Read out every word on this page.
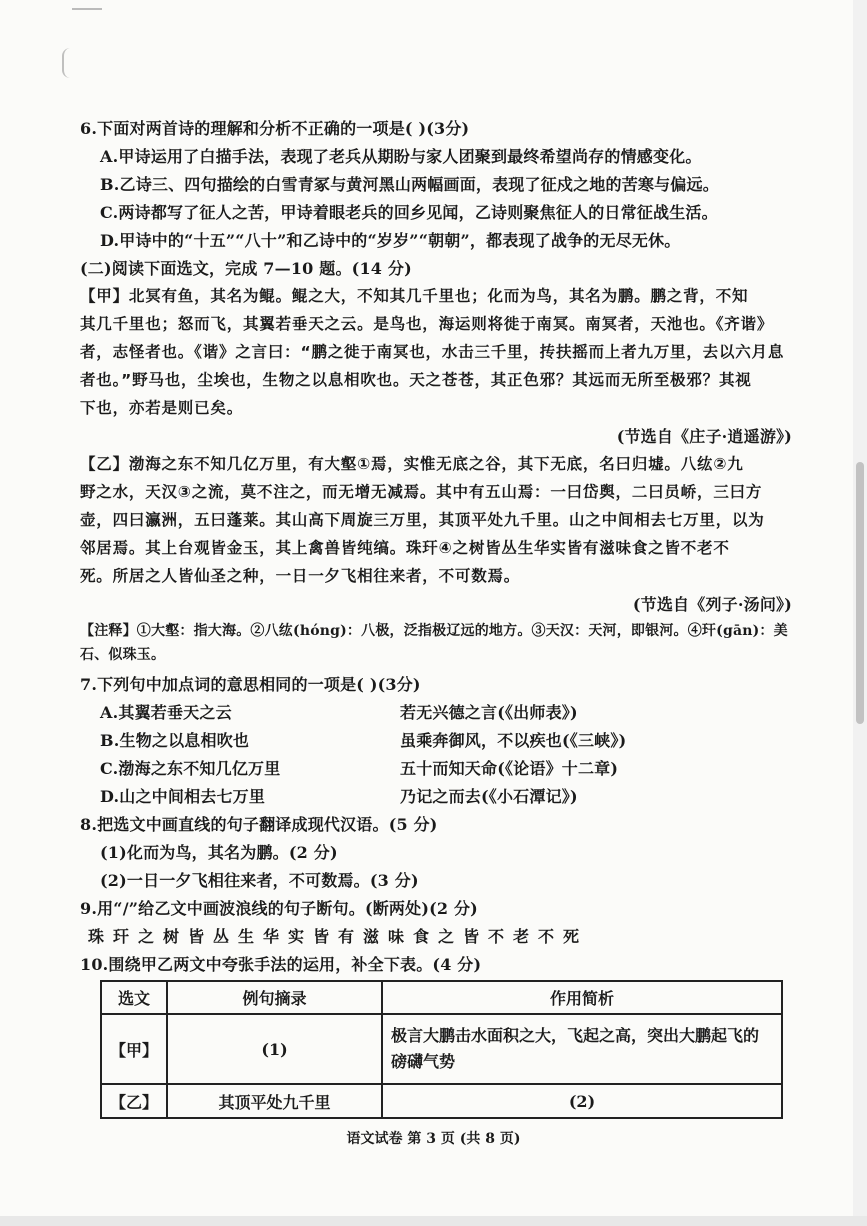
6.下面对两首诗的理解和分析不正确的一项是( )(3分)
A.甲诗运用了白描手法，表现了老兵从期盼与家人团聚到最终希望尚存的情感变化。
B.乙诗三、四句描绘的白雪青冢与黄河黑山两幅画面，表现了征戍之地的苦寒与偏远。
C.两诗都写了征人之苦，甲诗着眼老兵的回乡见闻，乙诗则聚焦征人的日常征战生活。
D.甲诗中的“十五”“八十”和乙诗中的“岁岁”“朝朝”，都表现了战争的无尽无休。
(二)阅读下面选文，完成 7—10 题。(14 分)
【甲】北冥有鱼，其名为鲲。鲲之大，不知其几千里也；化而为鸟，其名为鹏。鹏之背，不知
其几千里也；怒而飞，其翼若垂天之云。是鸟也，海运则将徙于南冥。南冥者，天池也。《齐谐》
者，志怪者也。《谐》之言曰：“鹏之徙于南冥也，水击三千里，抟扶摇而上者九万里，去以六月息
者也。”野马也，尘埃也，生物之以息相吹也。天之苍苍，其正色邪？其远而无所至极邪？其视
下也，亦若是则已矣。
(节选自《庄子·逍遥游》)
【乙】渤海之东不知几亿万里，有大壑①焉，实惟无底之谷，其下无底，名曰归墟。八纮②九
野之水，天汉③之流，莫不注之，而无增无减焉。其中有五山焉：一曰岱舆，二曰员峤，三曰方
壶，四曰瀛洲，五曰蓬莱。其山高下周旋三万里，其顶平处九千里。山之中间相去七万里，以为
邻居焉。其上台观皆金玉，其上禽兽皆纯缟。珠玕④之树皆丛生华实皆有滋味食之皆不老不
死。所居之人皆仙圣之种，一日一夕飞相往来者，不可数焉。
(节选自《列子·汤问》)
【注释】①大壑：指大海。②八纮(hóng)：八极，泛指极辽远的地方。③天汉：天河，即银河。④玕(gān)：美
石、似珠玉。
7.下列句中加点词的意思相同的一项是( )(3分)
A.其翼若垂天之云	若无兴德之言(《出师表》)
B.生物之以息相吹也	虽乘奔御风，不以疾也(《三峡》)
C.渤海之东不知几亿万里	五十而知天命(《论语》十二章)
D.山之中间相去七万里	乃记之而去(《小石潭记》)
8.把选文中画直线的句子翻译成现代汉语。(5 分)
(1)化而为鸟，其名为鹏。(2 分)
(2)一日一夕飞相往来者，不可数焉。(3 分)
9.用“/”给乙文中画波浪线的句子断句。(断两处)(2 分)
珠玕之树皆丛生华实皆有滋味食之皆不老不死
10.围绕甲乙两文中夸张手法的运用，补全下表。(4 分)
选文	例句摘录	作用简析
【甲】	(1)	极言大鹏击水面积之大，飞起之高，突出大鹏起飞的磅礴气势
【乙】	其顶平处九千里	(2)
语文试卷 第 3 页 (共 8 页)
